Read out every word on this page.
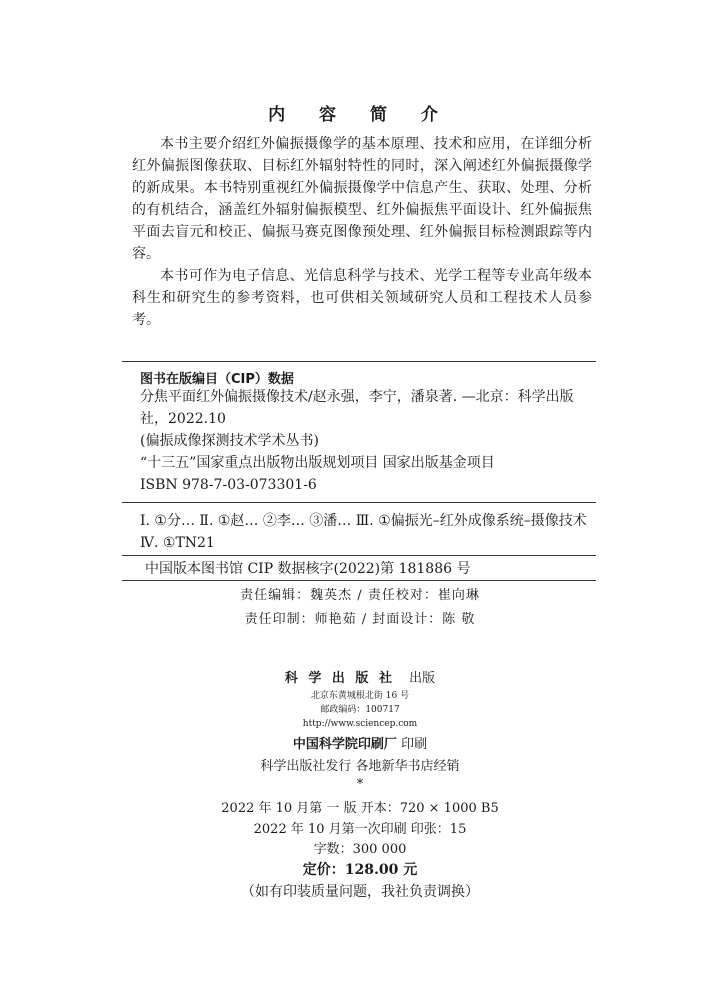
内 容 简 介

本书主要介绍红外偏振摄像学的基本原理、技术和应用，在详细分析红外偏振图像获取、目标红外辐射特性的同时，深入阐述红外偏振摄像学的新成果。本书特别重视红外偏振摄像学中信息产生、获取、处理、分析的有机结合，涵盖红外辐射偏振模型、红外偏振焦平面设计、红外偏振焦平面去盲元和校正、偏振马赛克图像预处理、红外偏振目标检测跟踪等内容。

本书可作为电子信息、光信息科学与技术、光学工程等专业高年级本科生和研究生的参考资料，也可供相关领域研究人员和工程技术人员参考。

图书在版编目（CIP）数据
分焦平面红外偏振摄像技术/赵永强，李宁，潘泉著. —北京：科学出版社，2022.10
(偏振成像探测技术学术丛书)
“十三五”国家重点出版物出版规划项目 国家出版基金项目
ISBN 978-7-03-073301-6
Ⅰ. ①分… Ⅱ. ①赵… ②李… ③潘… Ⅲ. ①偏振光–红外成像系统–摄像技术 Ⅳ. ①TN21
中国版本图书馆 CIP 数据核字(2022)第 181886 号
责任编辑：魏英杰 / 责任校对：崔向琳
责任印制：师艳茹 / 封面设计：陈 敬
科 学 出 版 社 出版
北京东黄城根北街 16 号
邮政编码：100717
http://www.sciencep.com
中国科学院印刷厂 印刷
科学出版社发行 各地新华书店经销
*
2022 年 10 月第 一 版 开本：720 × 1000 B5
2022 年 10 月第一次印刷 印张：15
字数：300 000
定价：128.00 元
（如有印装质量问题，我社负责调换）
